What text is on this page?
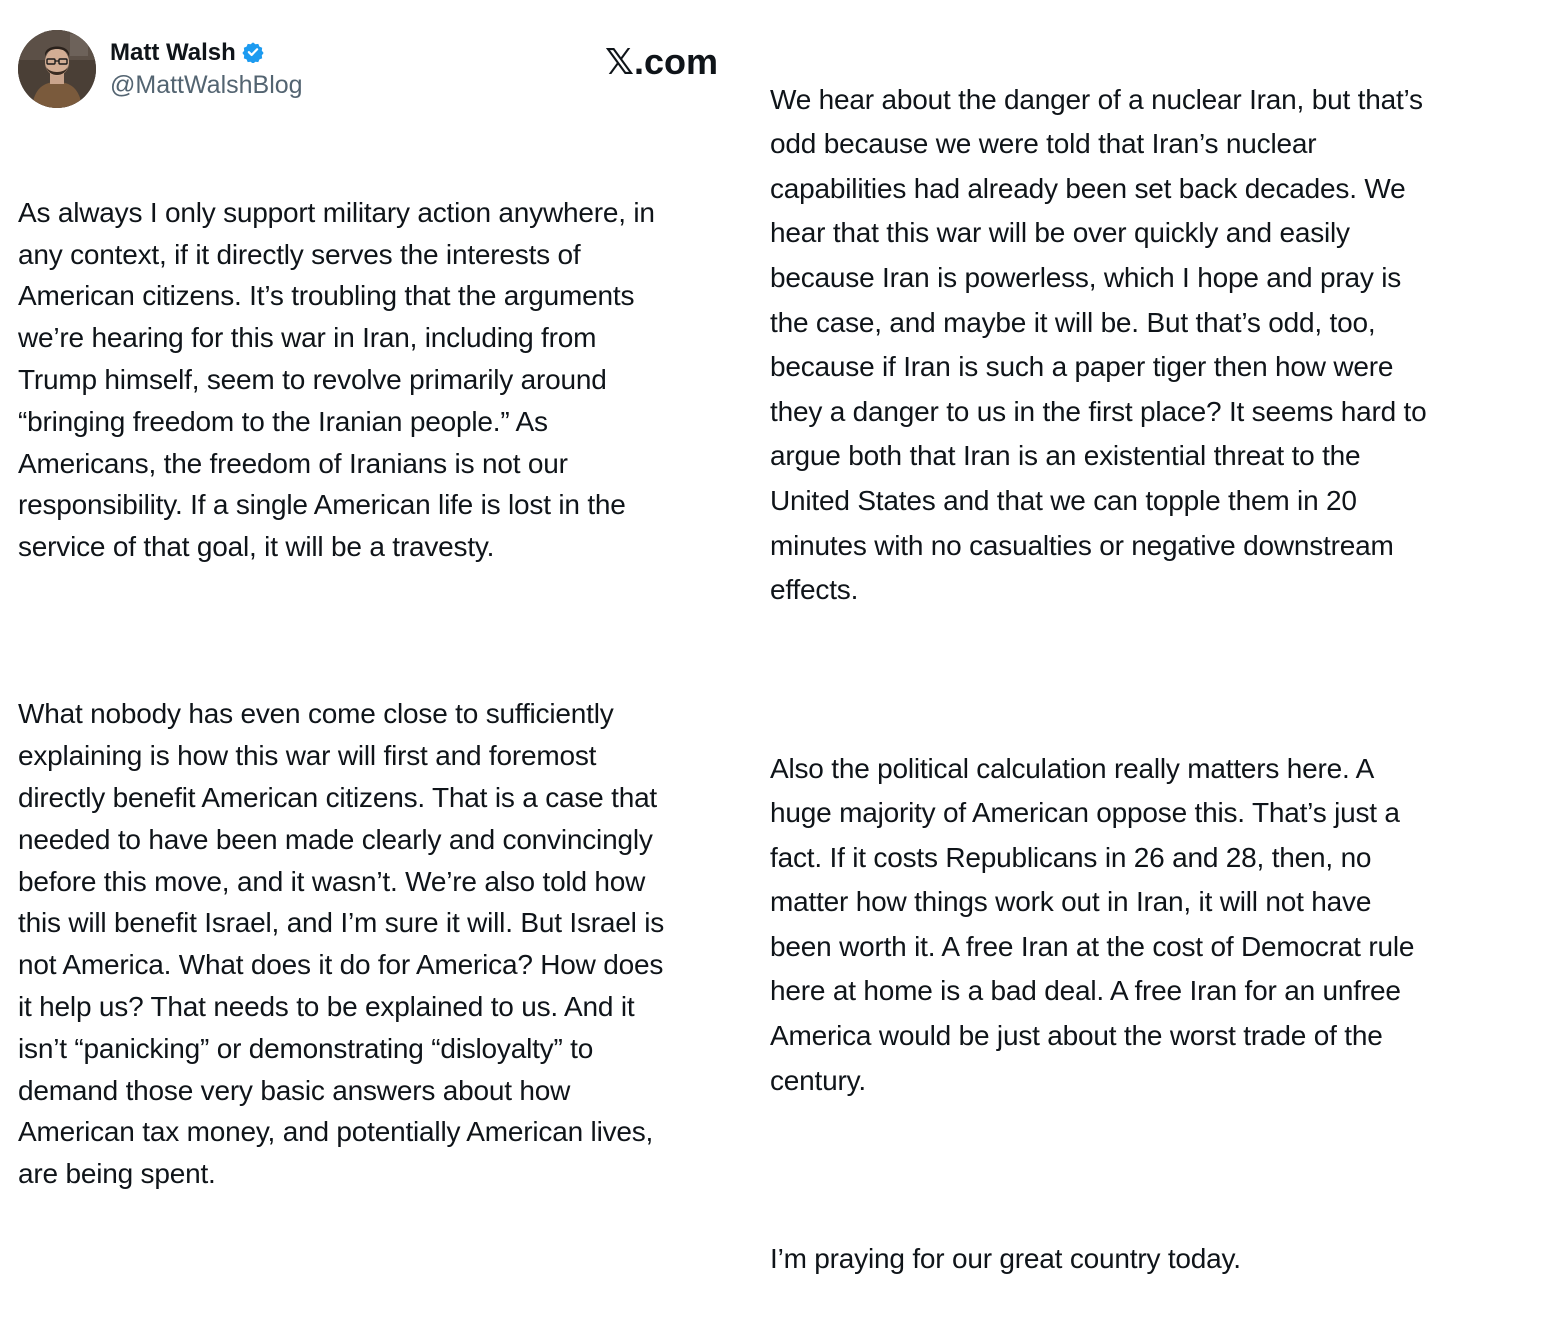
Matt Walsh
@MattWalshBlog
𝕏.com

As always I only support military action anywhere, in
any context, if it directly serves the interests of
American citizens. It’s troubling that the arguments
we’re hearing for this war in Iran, including from
Trump himself, seem to revolve primarily around
“bringing freedom to the Iranian people.” As
Americans, the freedom of Iranians is not our
responsibility. If a single American life is lost in the
service of that goal, it will be a travesty.

What nobody has even come close to sufficiently
explaining is how this war will first and foremost
directly benefit American citizens. That is a case that
needed to have been made clearly and convincingly
before this move, and it wasn’t. We’re also told how
this will benefit Israel, and I’m sure it will. But Israel is
not America. What does it do for America? How does
it help us? That needs to be explained to us. And it
isn’t “panicking” or demonstrating “disloyalty” to
demand those very basic answers about how
American tax money, and potentially American lives,
are being spent.

We hear about the danger of a nuclear Iran, but that’s
odd because we were told that Iran’s nuclear
capabilities had already been set back decades. We
hear that this war will be over quickly and easily
because Iran is powerless, which I hope and pray is
the case, and maybe it will be. But that’s odd, too,
because if Iran is such a paper tiger then how were
they a danger to us in the first place? It seems hard to
argue both that Iran is an existential threat to the
United States and that we can topple them in 20
minutes with no casualties or negative downstream
effects.

Also the political calculation really matters here. A
huge majority of American oppose this. That’s just a
fact. If it costs Republicans in 26 and 28, then, no
matter how things work out in Iran, it will not have
been worth it. A free Iran at the cost of Democrat rule
here at home is a bad deal. A free Iran for an unfree
America would be just about the worst trade of the
century.

I’m praying for our great country today.
